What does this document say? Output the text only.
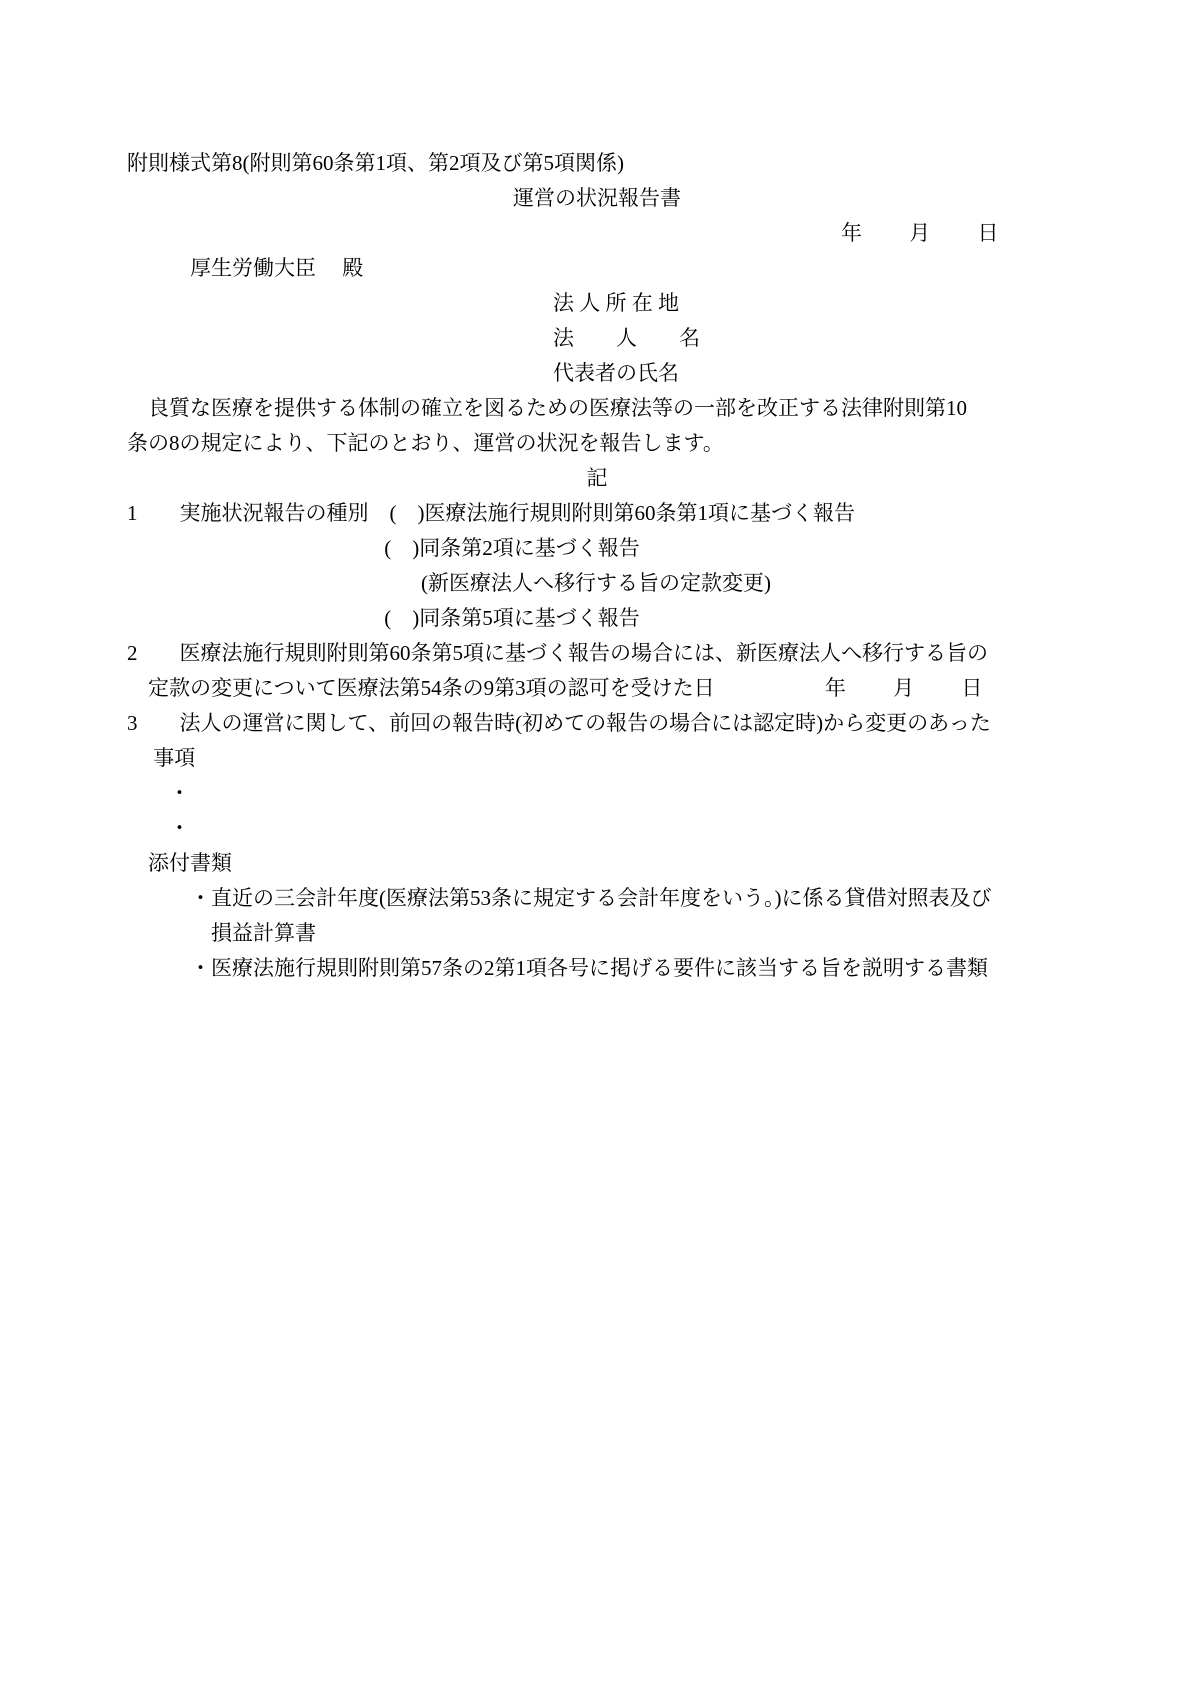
附則様式第8(附則第60条第1項、第2項及び第5項関係)
運営の状況報告書
年　　 月　　 日
　　　厚生労働大臣　 殿
法 人 所 在 地
法　　人　　名
代表者の氏名
　良質な医療を提供する体制の確立を図るための医療法等の一部を改正する法律附則第10
条の8の規定により、下記のとおり、運営の状況を報告します。
記
1　　実施状況報告の種別　(　)医療法施行規則附則第60条第1項に基づく報告
　　　　　　　　　　　　 (　)同条第2項に基づく報告
　　　　　　　　　　　　　　(新医療法人へ移行する旨の定款変更)
　　　　　　　　　　　　 (　)同条第5項に基づく報告
2　　医療法施行規則附則第60条第5項に基づく報告の場合には、新医療法人へ移行する旨の
　定款の変更について医療法第54条の9第3項の認可を受けた日　　　　　 年　　 月　　 日
3　　法人の運営に関して、前回の報告時(初めての報告の場合には認定時)から変更のあった
　 事項
　　・
　　・
　添付書類
　　　・直近の三会計年度(医療法第53条に規定する会計年度をいう。)に係る貸借対照表及び
　　　　損益計算書
　　　・医療法施行規則附則第57条の2第1項各号に掲げる要件に該当する旨を説明する書類
